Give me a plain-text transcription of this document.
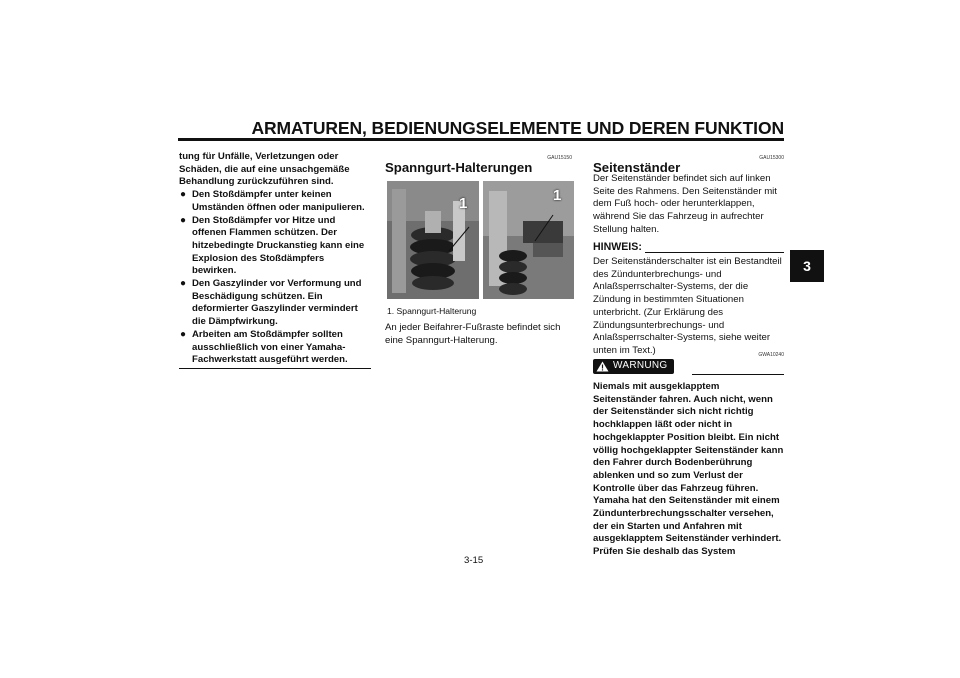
ARMATUREN, BEDIENUNGSELEMENTE UND DEREN FUNKTION
3
tung für Unfälle, Verletzungen oder Schäden, die auf eine unsachgemäße Behandlung zurückzuführen sind.
● Den Stoßdämpfer unter keinen Umständen öffnen oder manipulieren.
● Den Stoßdämpfer vor Hitze und offenen Flammen schützen. Der hitzebedingte Druckanstieg kann eine Explosion des Stoßdämpfers bewirken.
● Den Gaszylinder vor Verformung und Beschädigung schützen. Ein deformierter Gaszylinder vermindert die Dämpfwirkung.
● Arbeiten am Stoßdämpfer sollten ausschließlich von einer Yamaha-Fachwerkstatt ausgeführt werden.
GAU15150
Spanngurt-Halterungen
1	1
1. Spanngurt-Halterung
An jeder Beifahrer-Fußraste befindet sich eine Spanngurt-Halterung.
GAU15300
Seitenständer
Der Seitenständer befindet sich auf linken Seite des Rahmens. Den Seitenständer mit dem Fuß hoch- oder herunterklappen, während Sie das Fahrzeug in aufrechter Stellung halten.
HINWEIS:
Der Seitenständerschalter ist ein Bestandteil des Zündunterbrechungs- und Anlaßsperrschalter-Systems, der die Zündung in bestimmten Situationen unterbricht. (Zur Erklärung des Zündungsunterbrechungs- und Anlaßsperrschalter-Systems, siehe weiter unten im Text.)	GWA10240
WARNUNG
Niemals mit ausgeklapptem Seitenständer fahren. Auch nicht, wenn der Seitenständer sich nicht richtig hochklappen läßt oder nicht in hochgeklappter Position bleibt. Ein nicht völlig hochgeklappter Seitenständer kann den Fahrer durch Bodenberührung ablenken und so zum Verlust der Kontrolle über das Fahrzeug führen. Yamaha hat den Seitenständer mit einem Zündunterbrechungsschalter versehen, der ein Starten und Anfahren mit ausgeklapptem Seitenständer verhindert. Prüfen Sie deshalb das System
3-15
